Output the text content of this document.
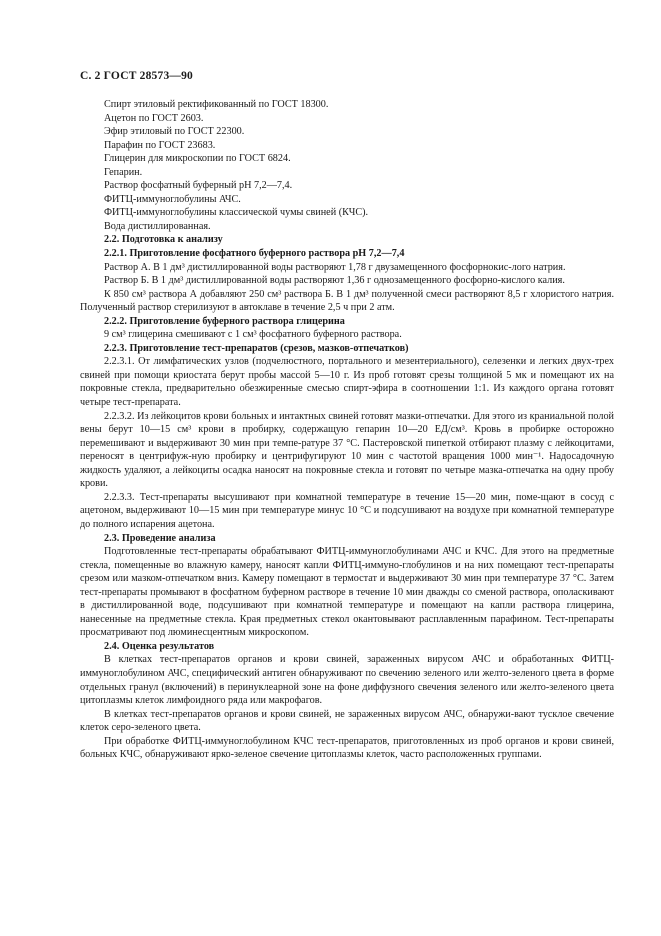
С. 2 ГОСТ 28573—90
Спирт этиловый ректификованный по ГОСТ 18300.
Ацетон по ГОСТ 2603.
Эфир этиловый по ГОСТ 22300.
Парафин по ГОСТ 23683.
Глицерин для микроскопии по ГОСТ 6824.
Гепарин.
Раствор фосфатный буферный pH 7,2—7,4.
ФИТЦ-иммуноглобулины АЧС.
ФИТЦ-иммуноглобулины классической чумы свиней (КЧС).
Вода дистиллированная.
2.2. Подготовка к анализу
2.2.1. Приготовление фосфатного буферного раствора pH 7,2—7,4

Раствор А. В 1 дм³ дистиллированной воды растворяют 1,78 г двузамещенного фосфорнокис-лого натрия.

Раствор Б. В 1 дм³ дистиллированной воды растворяют 1,36 г однозамещенного фосфорно-кислого калия.

К 850 см³ раствора А добавляют 250 см³ раствора Б. В 1 дм³ полученной смеси растворяют 8,5 г хлористого натрия. Полученный раствор стерилизуют в автоклаве в течение 2,5 ч при 2 атм.

2.2.2. Приготовление буферного раствора глицерина

9 см³ глицерина смешивают с 1 см³ фосфатного буферного раствора.

2.2.3. Приготовление тест-препаратов (срезов, мазков-отпечатков)

2.2.3.1. От лимфатических узлов (подчелюстного, портального и мезентериального), селезенки и легких двух-трех свиней при помощи криостата берут пробы массой 5—10 г. Из проб готовят срезы толщиной 5 мк и помещают их на покровные стекла, предварительно обезжиренные смесью спирт-эфира в соотношении 1:1. Из каждого органа готовят четыре тест-препарата.

2.2.3.2. Из лейкоцитов крови больных и интактных свиней готовят мазки-отпечатки. Для этого из краниальной полой вены берут 10—15 см³ крови в пробирку, содержащую гепарин 10—20 ЕД/см³. Кровь в пробирке осторожно перемешивают и выдерживают 30 мин при темпе-ратуре 37 °С. Пастеровской пипеткой отбирают плазму с лейкоцитами, переносят в центрифуж-ную пробирку и центрифугируют 10 мин с частотой вращения 1000 мин⁻¹. Надосадочную жидкость удаляют, а лейкоциты осадка наносят на покровные стекла и готовят по четыре мазка-отпечатка на одну пробу крови.

2.2.3.3. Тест-препараты высушивают при комнатной температуре в течение 15—20 мин, поме-щают в сосуд с ацетоном, выдерживают 10—15 мин при температуре минус 10 °С и подсушивают на воздухе при комнатной температуре до полного испарения ацетона.

2.3. Проведение анализа

Подготовленные тест-препараты обрабатывают ФИТЦ-иммуноглобулинами АЧС и КЧС. Для этого на предметные стекла, помещенные во влажную камеру, наносят капли ФИТЦ-иммуно-глобулинов и на них помещают тест-препараты срезом или мазком-отпечатком вниз. Камеру помещают в термостат и выдерживают 30 мин при температуре 37 °С. Затем тест-препараты промывают в фосфатном буферном растворе в течение 10 мин дважды со сменой раствора, ополаскивают в дистиллированной воде, подсушивают при комнатной температуре и помещают на капли раствора глицерина, нанесенные на предметные стекла. Края предметных стекол окантовывают расплавленным парафином. Тест-препараты просматривают под люминесцентным микроскопом.

2.4. Оценка результатов

В клетках тест-препаратов органов и крови свиней, зараженных вирусом АЧС и обработанных ФИТЦ-иммуноглобулином АЧС, специфический антиген обнаруживают по свечению зеленого или желто-зеленого цвета в форме отдельных гранул (включений) в перинуклеарной зоне на фоне диффузного свечения зеленого или желто-зеленого цвета цитоплазмы клеток лимфоидного ряда или макрофагов.

В клетках тест-препаратов органов и крови свиней, не зараженных вирусом АЧС, обнаружи-вают тусклое свечение клеток серо-зеленого цвета.

При обработке ФИТЦ-иммуноглобулином КЧС тест-препаратов, приготовленных из проб органов и крови свиней, больных КЧС, обнаруживают ярко-зеленое свечение цитоплазмы клеток, часто расположенных группами.
